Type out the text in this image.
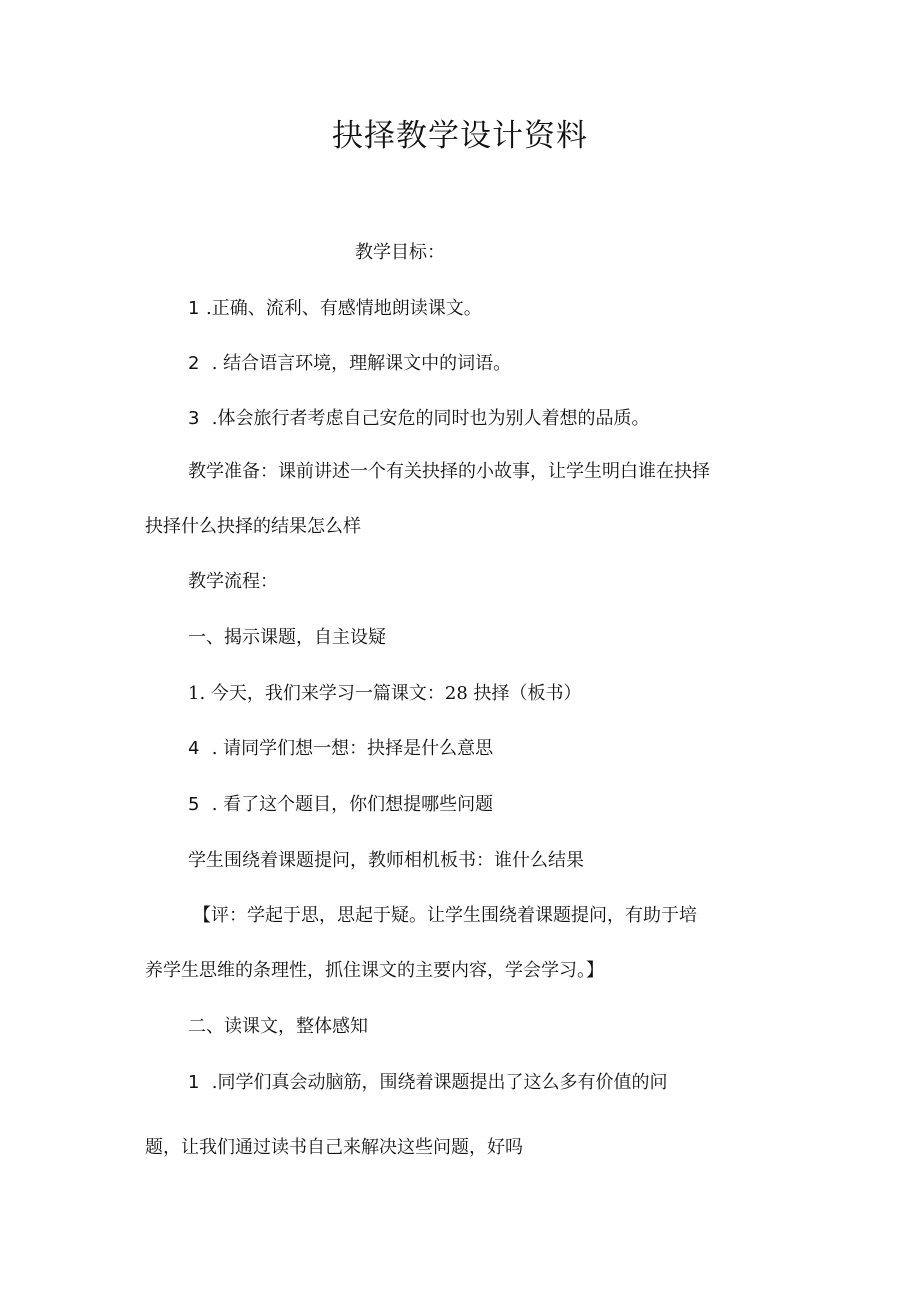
抉择教学设计资料
教学目标：
1 .正确、流利、有感情地朗读课文。
2 . 结合语言环境，理解课文中的词语。
3 .体会旅行者考虑自己安危的同时也为别人着想的品质。
教学准备：课前讲述一个有关抉择的小故事，让学生明白谁在抉择
抉择什么抉择的结果怎么样
教学流程：
一、揭示课题，自主设疑
1. 今天，我们来学习一篇课文：28 抉择（板书）
4 . 请同学们想一想：抉择是什么意思
5 . 看了这个题目，你们想提哪些问题
学生围绕着课题提问，教师相机板书：谁什么结果
【评：学起于思，思起于疑。让学生围绕着课题提问，有助于培
养学生思维的条理性，抓住课文的主要内容，学会学习。】
二、读课文，整体感知
1 .同学们真会动脑筋，围绕着课题提出了这么多有价值的问
题，让我们通过读书自己来解决这些问题，好吗
